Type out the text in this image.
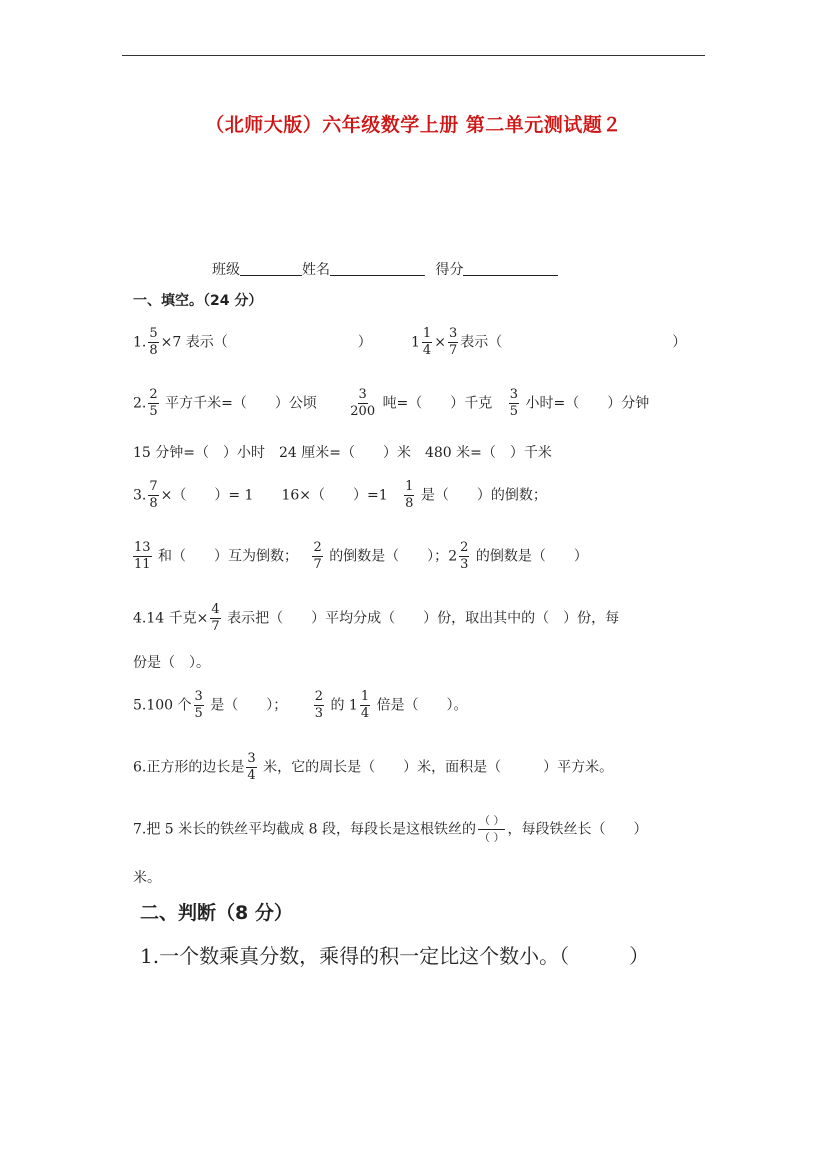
（北师大版）六年级数学上册 第二单元测试题２
班级	姓名	得分
一、填空。（24 分）
1. $\frac{5}{8} \times 7$ 表示（	）	$1 \frac{1}{4} \times \frac{3}{7}$ 表示（	）
2. $\frac{2}{5}$ 平方千米=（　　）公顷 $\frac{3}{200}$ 吨=（　　）千克 $\frac{3}{5}$ 小时=（　　）分钟
15 分钟=（　）小时　24 厘米=（　　）米　480 米=（　）千米
3. $\frac{7}{8}$ ×（　　）= 1　　16×（　　）$=1 \frac{1}{8}$ 是（　　）的倒数；
$\frac{13}{11}$ 和（　　）互为倒数； $\frac{2}{7}$ 的倒数是（　　）；$2 \frac{2}{3}$ 的倒数是（　　）
4.14 千克× $\frac{4}{7}$ 表示把（　　）平均分成（　　）份，取出其中的（　）份，每
份是（　）。
5.100 个 $\frac{3}{5}$ 是（　　）； $\frac{2}{3}$ 的 $1 \frac{1}{4}$ 倍是（　　）。
6.正方形的边长是 $\frac{3}{4}$ 米，它的周长是（　　）米，面积是（　　　）平方米。
7.把 5 米长的铁丝平均截成 8 段，每段长是这根铁丝的 $\frac{( )}{( )}$ ，每段铁丝长（　　）
米。
二、判断（8 分）
1.一个数乘真分数，乘得的积一定比这个数小。（　　　）
